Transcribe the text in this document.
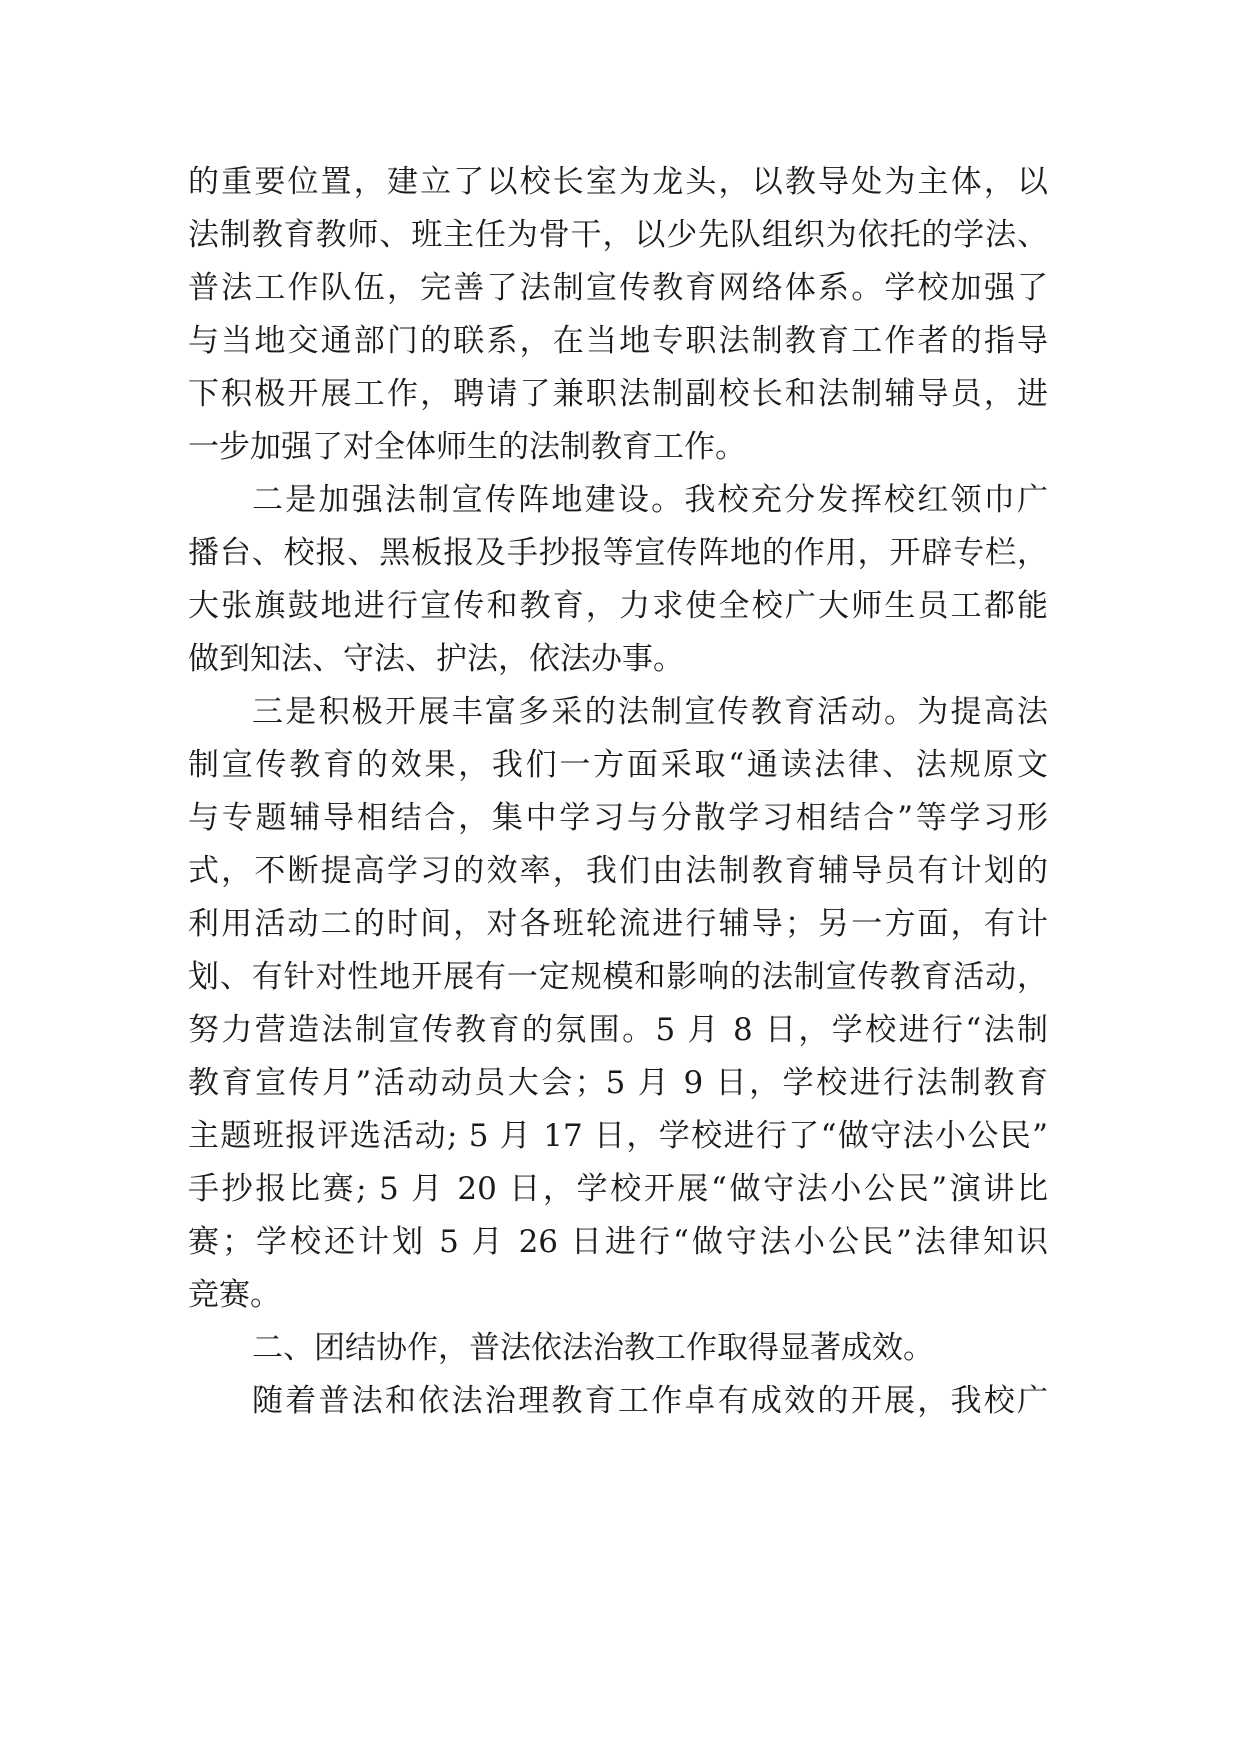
的重要位置，建立了以校长室为龙头，以教导处为主体，以
法制教育教师、班主任为骨干，以少先队组织为依托的学法、
普法工作队伍，完善了法制宣传教育网络体系。学校加强了
与当地交通部门的联系，在当地专职法制教育工作者的指导
下积极开展工作，聘请了兼职法制副校长和法制辅导员，进
一步加强了对全体师生的法制教育工作。
二是加强法制宣传阵地建设。我校充分发挥校红领巾广
播台、校报、黑板报及手抄报等宣传阵地的作用，开辟专栏，
大张旗鼓地进行宣传和教育，力求使全校广大师生员工都能
做到知法、守法、护法，依法办事。
三是积极开展丰富多采的法制宣传教育活动。为提高法
制宣传教育的效果，我们一方面采取“通读法律、法规原文
与专题辅导相结合，集中学习与分散学习相结合”等学习形
式，不断提高学习的效率，我们由法制教育辅导员有计划的
利用活动二的时间，对各班轮流进行辅导；另一方面，有计
划、有针对性地开展有一定规模和影响的法制宣传教育活动，
努力营造法制宣传教育的氛围。5 月 8 日，学校进行“法制
教育宣传月”活动动员大会；5 月 9 日，学校进行法制教育
主题班报评选活动; 5 月 17 日，学校进行了“做守法小公民”
手抄报比赛; 5 月 20 日，学校开展“做守法小公民”演讲比
赛；学校还计划 5 月 26 日进行“做守法小公民”法律知识
竞赛。
二、团结协作，普法依法治教工作取得显著成效。
随着普法和依法治理教育工作卓有成效的开展，我校广
